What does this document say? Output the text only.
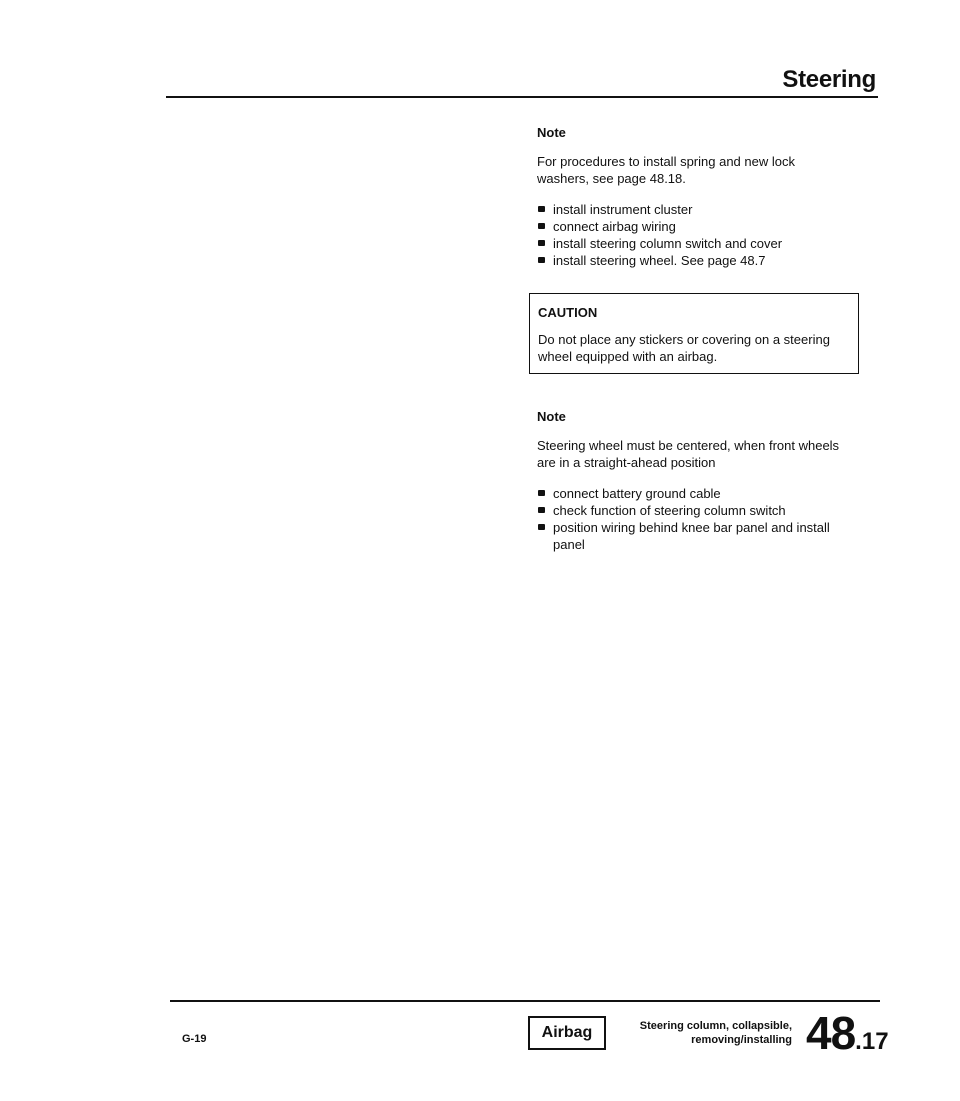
Steering
Note
For procedures to install spring and new lock washers, see page 48.18.
install instrument cluster
connect airbag wiring
install steering column switch and cover
install steering wheel. See page 48.7
CAUTION
Do not place any stickers or covering on a steering wheel equipped with an airbag.
Note
Steering wheel must be centered, when front wheels are in a straight-ahead position
connect battery ground cable
check function of steering column switch
position wiring behind knee bar panel and install panel
G-19	Airbag	Steering column, collapsible,
removing/installing 48.17
